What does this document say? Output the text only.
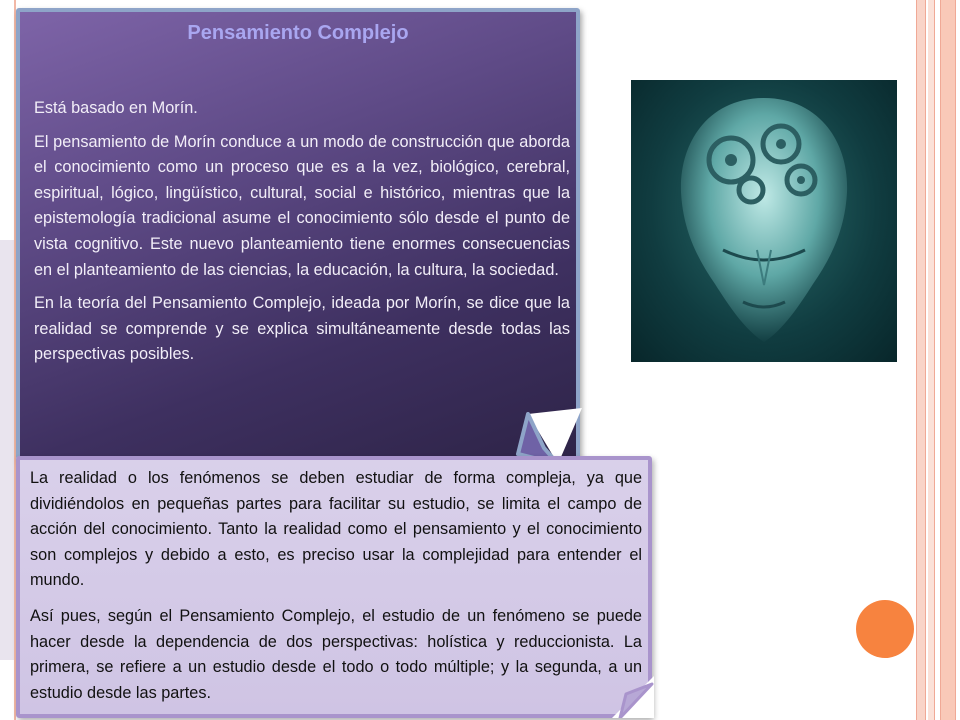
Pensamiento Complejo

Está basado en Morín.

El pensamiento de Morín conduce a un modo de construcción que aborda el conocimiento como un proceso que es a la vez, biológico, cerebral, espiritual, lógico, lingüístico, cultural, social e histórico, mientras que la epistemología tradicional asume el conocimiento sólo desde el punto de vista cognitivo. Este nuevo planteamiento tiene enormes consecuencias en el planteamiento de las ciencias, la educación, la cultura, la sociedad.

En la teoría del Pensamiento Complejo, ideada por Morín, se dice que la realidad se comprende y se explica simultáneamente desde todas las perspectivas posibles.

La realidad o los fenómenos se deben estudiar de forma compleja, ya que dividiéndolos en pequeñas partes para facilitar su estudio, se limita el campo de acción del conocimiento. Tanto la realidad como el pensamiento y el conocimiento son complejos y debido a esto, es preciso usar la complejidad para entender el mundo.

Así pues, según el Pensamiento Complejo, el estudio de un fenómeno se puede hacer desde la dependencia de dos perspectivas: holística y reduccionista. La primera, se refiere a un estudio desde el todo o todo múltiple; y la segunda, a un estudio desde las partes.
